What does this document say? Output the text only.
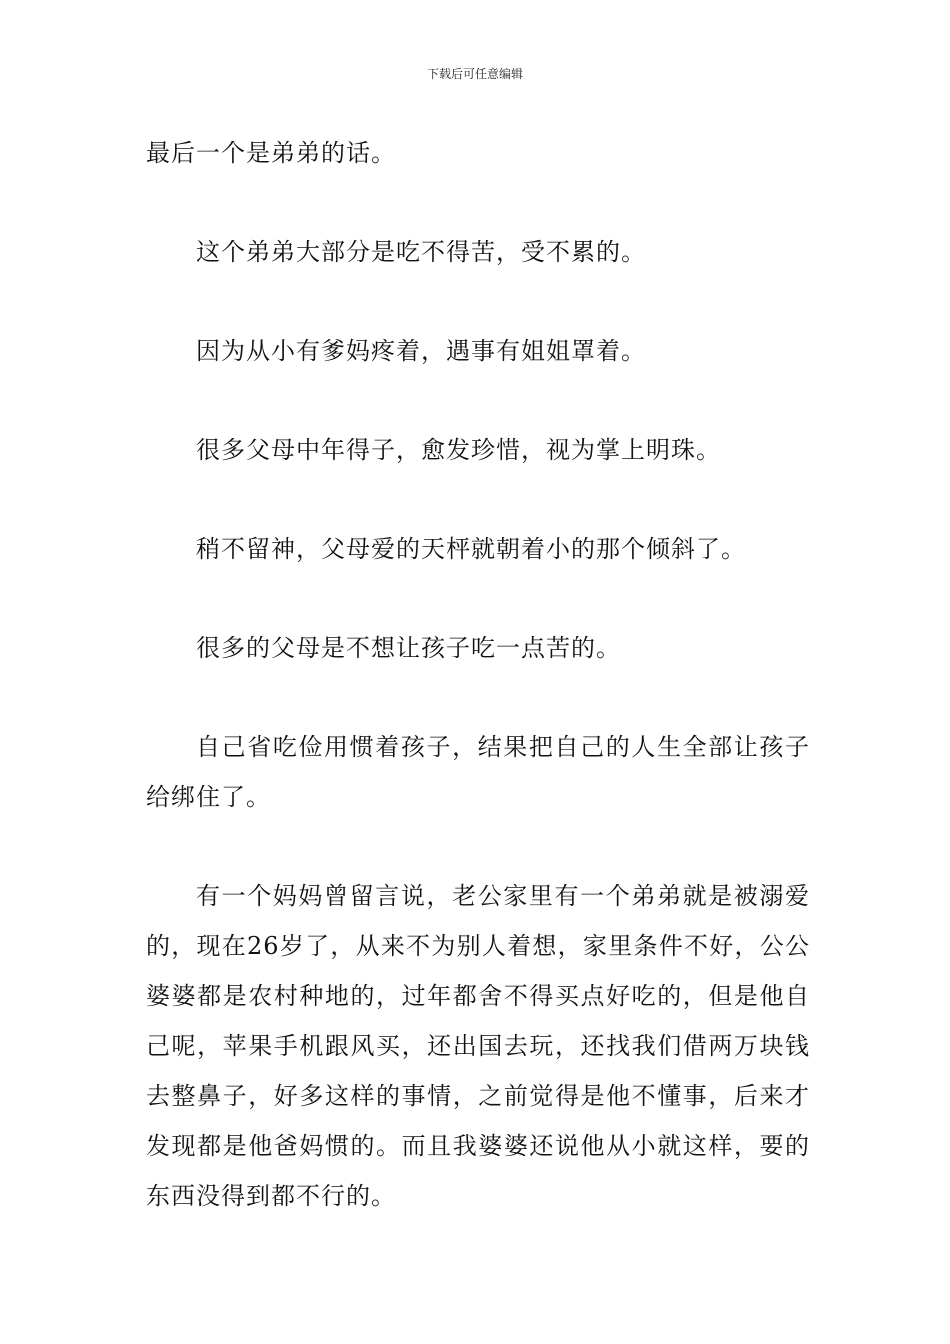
下载后可任意编辑

最后一个是弟弟的话。

这个弟弟大部分是吃不得苦，受不累的。

因为从小有爹妈疼着，遇事有姐姐罩着。

很多父母中年得子，愈发珍惜，视为掌上明珠。

稍不留神，父母爱的天枰就朝着小的那个倾斜了。

很多的父母是不想让孩子吃一点苦的。

自己省吃俭用惯着孩子，结果把自己的人生全部让孩子给绑住了。

有一个妈妈曾留言说，老公家里有一个弟弟就是被溺爱的，现在26岁了，从来不为别人着想，家里条件不好，公公婆婆都是农村种地的，过年都舍不得买点好吃的，但是他自己呢，苹果手机跟风买，还出国去玩，还找我们借两万块钱去整鼻子，好多这样的事情，之前觉得是他不懂事，后来才发现都是他爸妈惯的。而且我婆婆还说他从小就这样，要的东西没得到都不行的。
